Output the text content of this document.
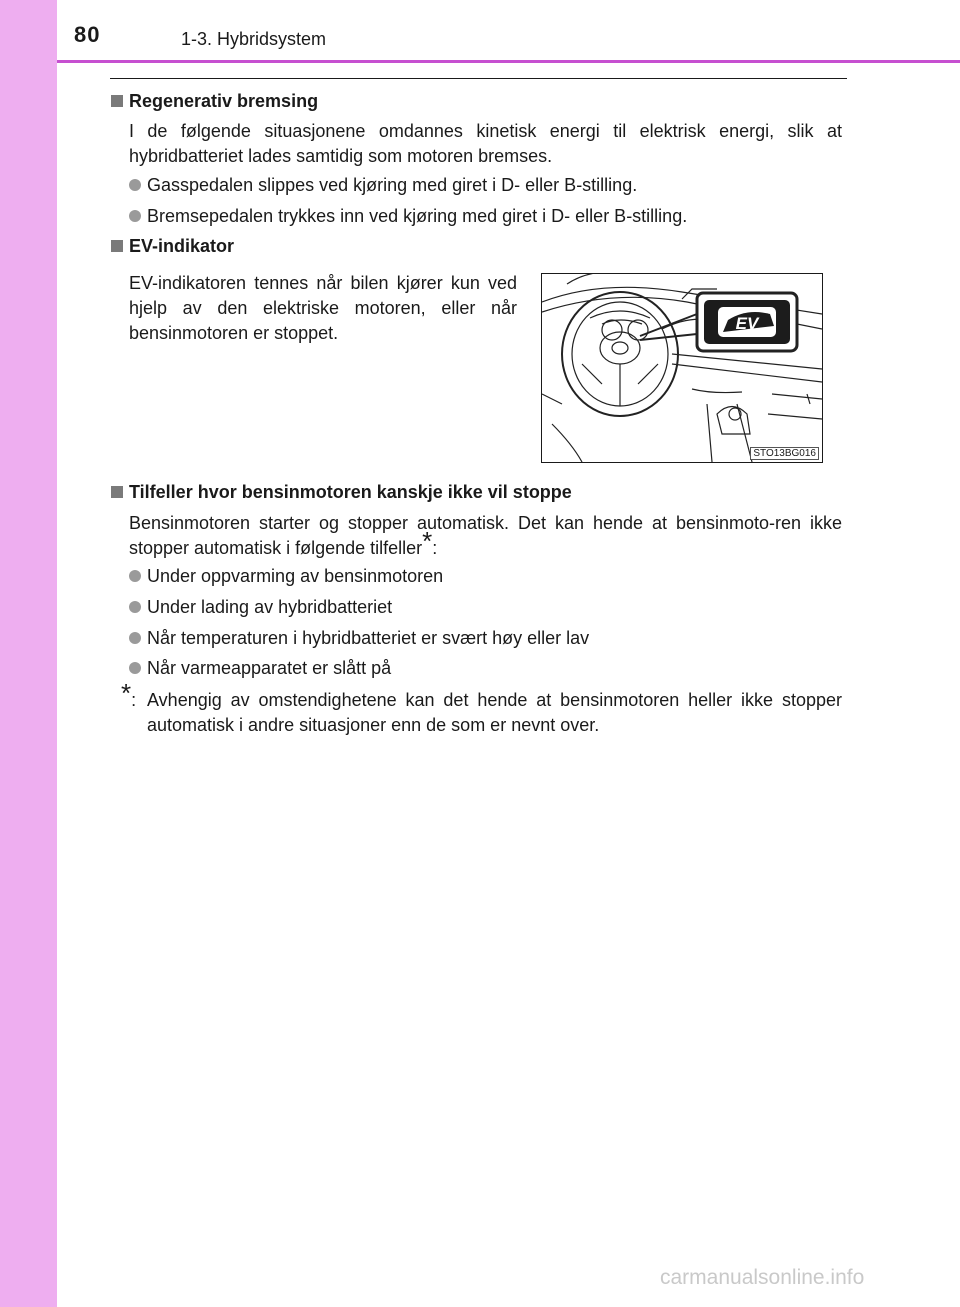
80	1-3. Hybridsystem
Regenerativ bremsing
I de følgende situasjonene omdannes kinetisk energi til elektrisk energi, slik at hybridbatteriet lades samtidig som motoren bremses.
Gasspedalen slippes ved kjøring med giret i D- eller B-stilling.
Bremsepedalen trykkes inn ved kjøring med giret i D- eller B-stilling.
EV-indikator
EV-indikatoren tennes når bilen kjører kun ved hjelp av den elektriske motoren, eller når bensinmotoren er stoppet.	EV
STO13BG016
Tilfeller hvor bensinmotoren kanskje ikke vil stoppe
Bensinmotoren starter og stopper automatisk. Det kan hende at bensinmoto-ren ikke stopper automatisk i følgende tilfeller*:
Under oppvarming av bensinmotoren
Under lading av hybridbatteriet
Når temperaturen i hybridbatteriet er svært høy eller lav
Når varmeapparatet er slått på
*: Avhengig av omstendighetene kan det hende at bensinmotoren heller ikke stopper automatisk i andre situasjoner enn de som er nevnt over.
carmanualsonline.info
